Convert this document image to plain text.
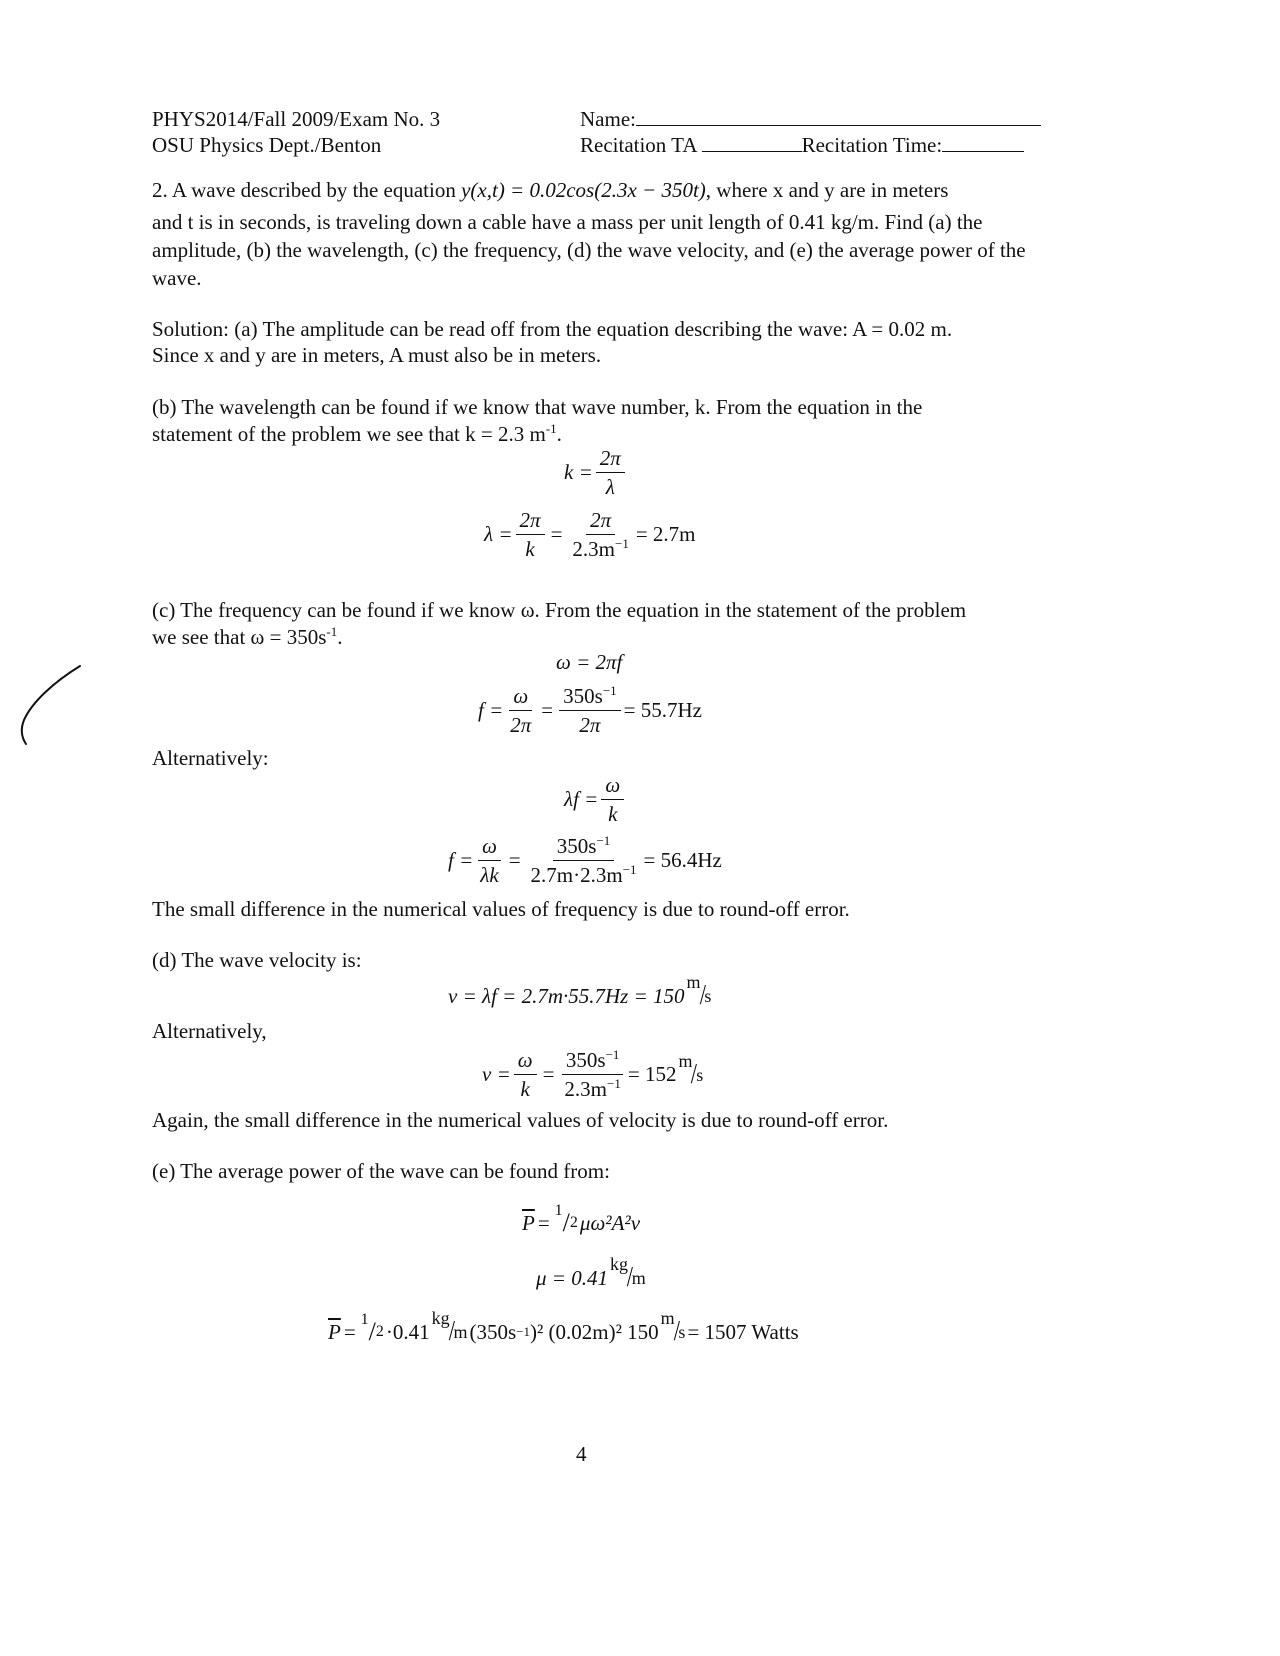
PHYS2014/Fall 2009/Exam No. 3
OSU Physics Dept./Benton
Name:
Recitation TA	Recitation Time:
2. A wave described by the equation y(x,t) = 0.02cos(2.3x − 350t), where x and y are in meters
and t is in seconds, is traveling down a cable have a mass per unit length of 0.41 kg/m. Find (a) the amplitude, (b) the wavelength, (c) the frequency, (d) the wave velocity, and (e) the average power of the wave.
Solution: (a) The amplitude can be read off from the equation describing the wave: A = 0.02 m.
Since x and y are in meters, A must also be in meters.
(b) The wavelength can be found if we know that wave number, k. From the equation in the
statement of the problem we see that k = 2.3 $m^{-1}$.
$k = \frac{2\pi}{\lambda}$
$\lambda = \frac{2\pi}{k} = \frac{2\pi}{2.3m^{-1}} = 2.7m$
(c) The frequency can be found if we know ω. From the equation in the statement of the problem
we see that $\omega = 350s^{-1}$.
ω = 2πf
$f = \frac{\omega}{2\pi} = \frac{350s^{-1}}{2\pi} = 55.7Hz$
Alternatively:
$\lambda f = \frac{\omega}{k}$
$f = \frac{\omega}{\lambda k} = \frac{350s^{-1}}{2.7m\cdot 2.3m^{-1}} = 56.4Hz$
The small difference in the numerical values of frequency is due to round-off error.
(d) The wave velocity is:
v = λf = 2.7m·55.7Hz = 150
m
/
s
Alternatively,
$v = \frac{\omega}{k} = \frac{350s^{-1}}{2.3m^{-1}} = 152$
m
/
s
Again, the small difference in the numerical values of velocity is due to round-off error.
(e) The average power of the wave can be found from:
$\overline{P} = 1 / 2$ μω²A²v
μ = 0.41
kg
/
m
$\overline{P} = 1 / 2 \cdot 0.41$
kg
/
m (350s −1 )² (0.02m)² 150
m
/
s = 1507 Watts
4
